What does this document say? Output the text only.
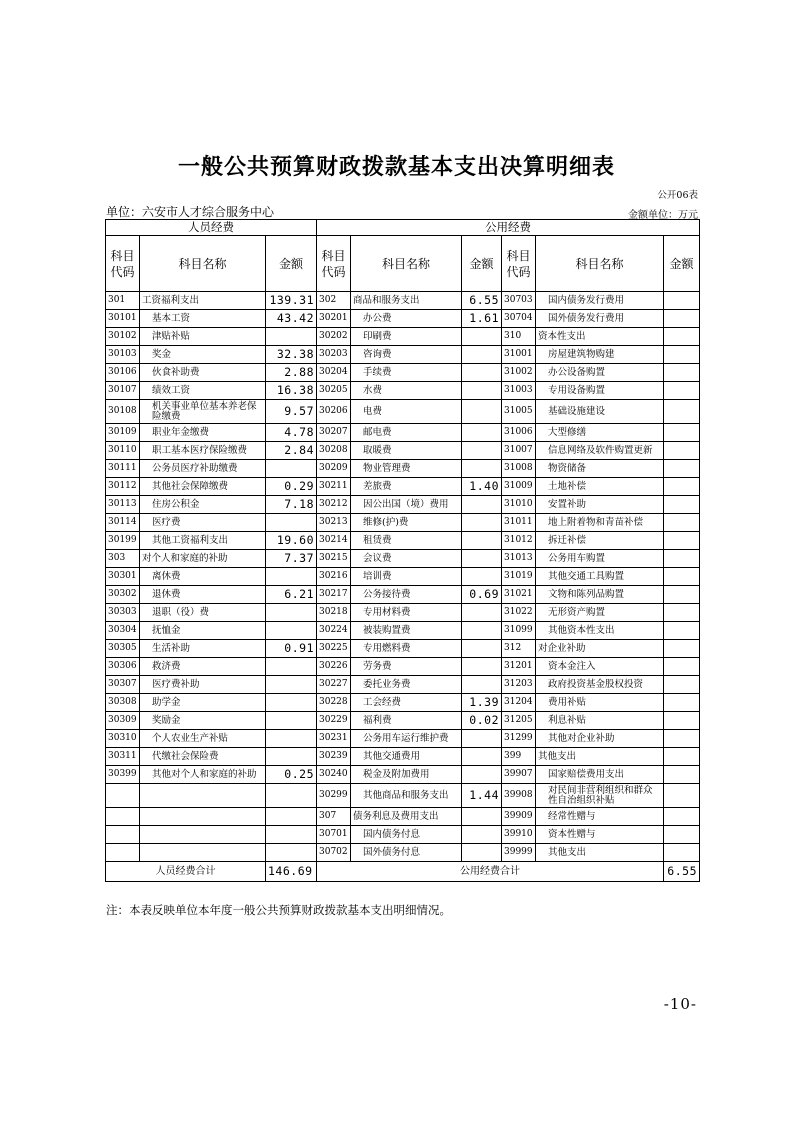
一般公共预算财政拨款基本支出决算明细表
公开06表
单位：六安市人才综合服务中心	金额单位：万元
人员经费			公用经费					
科目代码	科目名称	金额	科目代码	科目名称	金额	科目代码	科目名称	金额
301	工资福利支出	139.31	302	商品和服务支出	6.55	30703	国内债务发行费用	
30101	基本工资	43.42	30201	办公费	1.61	30704	国外债务发行费用	
30102	津贴补贴		30202	印刷费		310	资本性支出	
30103	奖金	32.38	30203	咨询费		31001	房屋建筑物购建	
30106	伙食补助费	2.88	30204	手续费		31002	办公设备购置	
30107	绩效工资	16.38	30205	水费		31003	专用设备购置	
30108	机关事业单位基本养老保险缴费	9.57	30206	电费		31005	基础设施建设	
30109	职业年金缴费	4.78	30207	邮电费		31006	大型修缮	
30110	职工基本医疗保险缴费	2.84	30208	取暖费		31007	信息网络及软件购置更新	
30111	公务员医疗补助缴费		30209	物业管理费		31008	物资储备	
30112	其他社会保障缴费	0.29	30211	差旅费	1.40	31009	土地补偿	
30113	住房公积金	7.18	30212	因公出国（境）费用		31010	安置补助	
30114	医疗费		30213	维修(护)费		31011	地上附着物和青苗补偿	
30199	其他工资福利支出	19.60	30214	租赁费		31012	拆迁补偿	
303	对个人和家庭的补助	7.37	30215	会议费		31013	公务用车购置	
30301	离休费		30216	培训费		31019	其他交通工具购置	
30302	退休费	6.21	30217	公务接待费	0.69	31021	文物和陈列品购置	
30303	退职（役）费		30218	专用材料费		31022	无形资产购置	
30304	抚恤金		30224	被装购置费		31099	其他资本性支出	
30305	生活补助	0.91	30225	专用燃料费		312	对企业补助	
30306	救济费		30226	劳务费		31201	资本金注入	
30307	医疗费补助		30227	委托业务费		31203	政府投资基金股权投资	
30308	助学金		30228	工会经费	1.39	31204	费用补贴	
30309	奖励金		30229	福利费	0.02	31205	利息补贴	
30310	个人农业生产补贴		30231	公务用车运行维护费		31299	其他对企业补助	
30311	代缴社会保险费		30239	其他交通费用		399	其他支出	
30399	其他对个人和家庭的补助	0.25	30240	税金及附加费用		39907	国家赔偿费用支出	
			30299	其他商品和服务支出	1.44	39908	对民间非营利组织和群众性自治组织补贴	
			307	债务利息及费用支出		39909	经常性赠与	
			30701	国内债务付息		39910	资本性赠与	
			30702	国外债务付息		39999	其他支出	
人员经费合计		146.69	公用经费合计					6.55
注：本表反映单位本年度一般公共预算财政拨款基本支出明细情况。
-10-
